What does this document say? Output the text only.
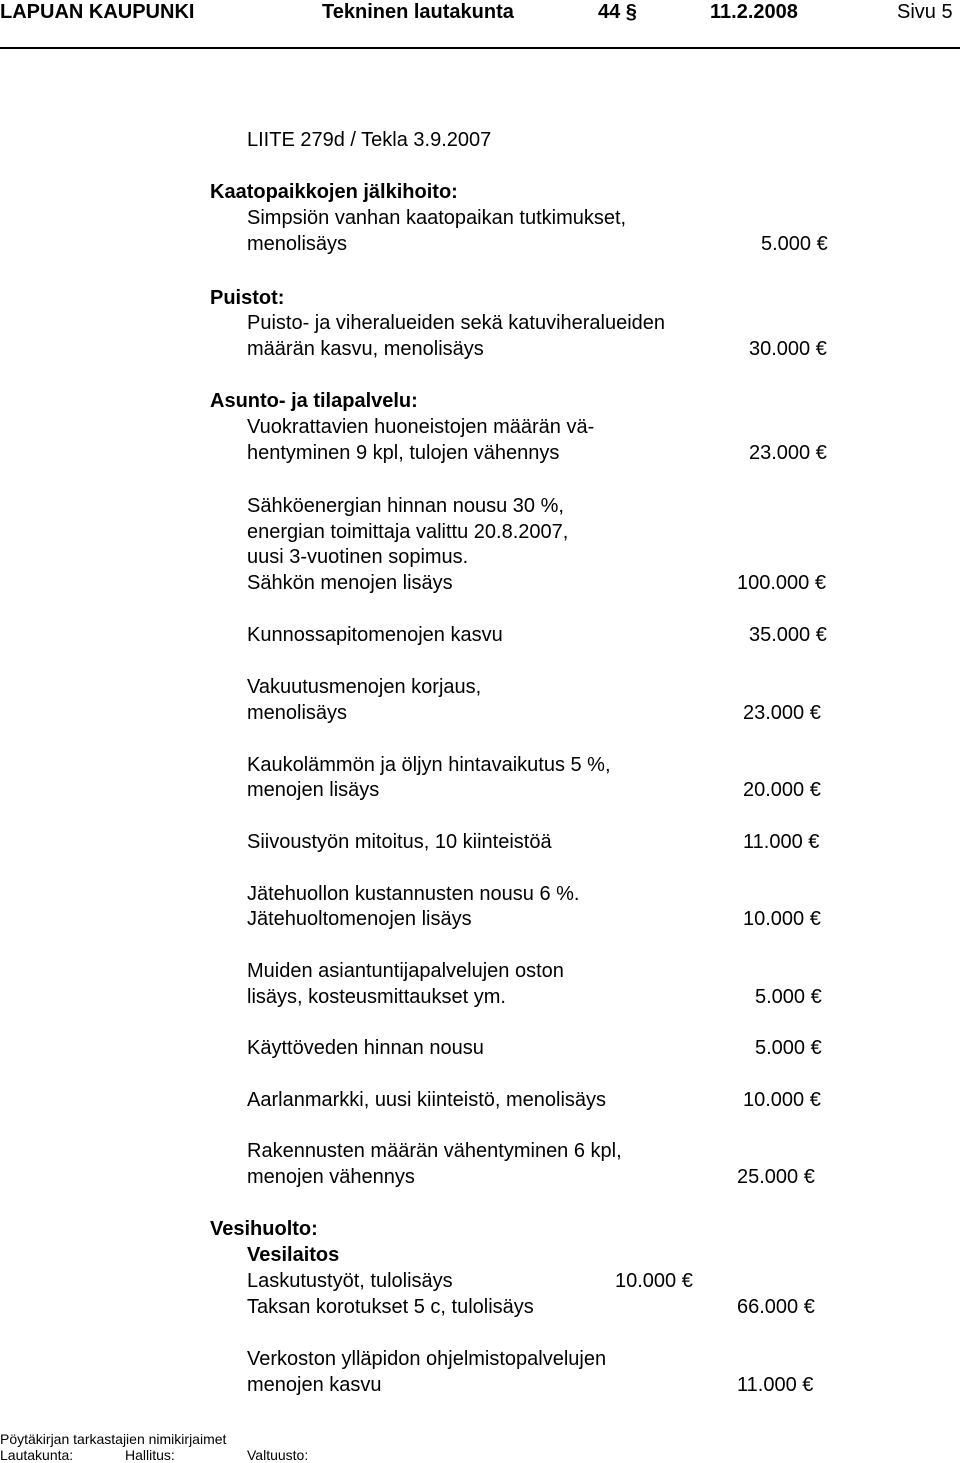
LAPUAN KAUPUNKI	Tekninen lautakunta	44 §	11.2.2008	Sivu 5
LIITE 279d / Tekla 3.9.2007
Kaatopaikkojen jälkihoito:
Simpsiön vanhan kaatopaikan tutkimukset,
menolisäys	5.000 €
Puistot:
Puisto- ja viheralueiden sekä katuviheralueiden
määrän kasvu, menolisäys	30.000 €
Asunto- ja tilapalvelu:
Vuokrattavien huoneistojen määrän vä-
hentyminen 9 kpl, tulojen vähennys	23.000 €
Sähköenergian hinnan nousu 30 %,
energian toimittaja valittu 20.8.2007,
uusi 3-vuotinen sopimus.
Sähkön menojen lisäys	100.000 €
Kunnossapitomenojen kasvu	35.000 €
Vakuutusmenojen korjaus,
menolisäys	23.000 €
Kaukolämmön ja öljyn hintavaikutus 5 %,
menojen lisäys	20.000 €
Siivoustyön mitoitus, 10 kiinteistöä	11.000 €
Jätehuollon kustannusten nousu 6 %.
Jätehuoltomenojen lisäys	10.000 €
Muiden asiantuntijapalvelujen oston
lisäys, kosteusmittaukset ym.	5.000 €
Käyttöveden hinnan nousu	5.000 €
Aarlanmarkki, uusi kiinteistö, menolisäys	10.000 €
Rakennusten määrän vähentyminen 6 kpl,
menojen vähennys	25.000 €
Vesihuolto:
Vesilaitos
Laskutustyöt, tulolisäys	10.000 €
Taksan korotukset 5 c, tulolisäys	66.000 €
Verkoston ylläpidon ohjelmistopalvelujen
menojen kasvu	11.000 €
Pöytäkirjan tarkastajien nimikirjaimet
Lautakunta:	Hallitus:	Valtuusto:
